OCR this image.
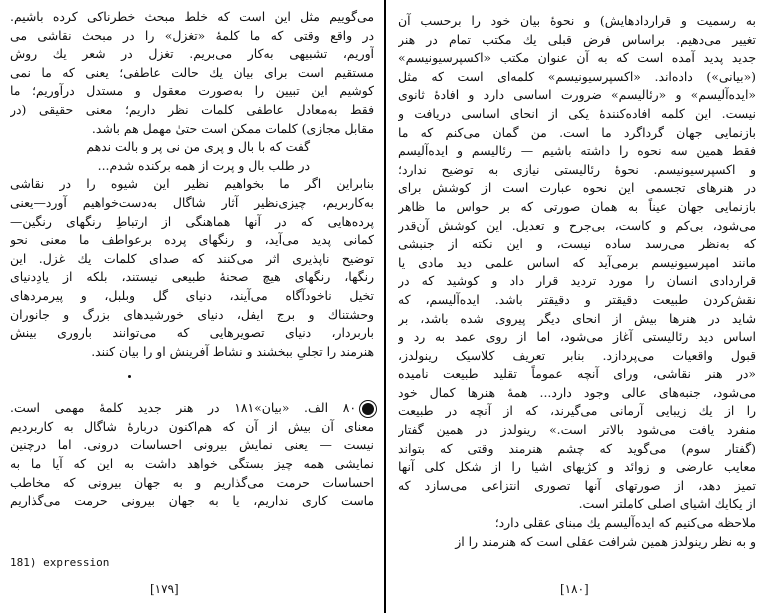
می‌گوییم مثل این است که خلط مبحث خطرناکی کرده باشیم.
در واقع وقتی که ما کلمهٔ «تغزل» را در مبحث نقاشی می‌
آوریم، تشبیهی به‌کار می‌بریم. تغزل در شعر یك روش
مستقیم است برای بیان یك حالت عاطفی؛ یعنی که ما نمی‌
کوشیم این تبیین را به‌صورت معقول و مستدل درآوریم؛ ما
فقط به‌معادل عاطفی کلمات نظر داریم؛ معنی حقیقی (در
مقابل مجازی) کلمات ممکن است حتیٰ مهمل هم باشد.
گفت که با بال و پری من نی پر و بالت ندهم
در طلب بال و پرت از همه برکنده شدم...
بنابراین اگر ما بخواهیم نظیر این شیوه را در نقاشی
به‌کاربریم، چیزی‌نظیر آثار شاگال به‌دست‌خواهیم آورد—یعنی
پرده‌هایی که در آنها هماهنگی از ارتباطِ رنگهای رنگین—
کمانی پدید می‌آید، و رنگهای پرده برعواطف ما معنی نحو
توضیح ناپذیری اثر می‌کنند که صدای کلمات یك غزل. این
رنگها، رنگهای هیچ صحنهٔ طبیعی نیستند، بلکه از یادِدنیای
تخیل ناخودآگاه می‌آیند، دنیای گل وبلبل، و پیرمردهای
وحشتناك و برج ایفل، دنیای خورشیدهای بزرگ و جانوران
باربردار، دنیای تصویرهایی که می‌توانند باروری بینش
هنرمند را تجلیِ ببخشند و نشاط آفرینش او را بیان کنند.
۸۰ الف. «بیان»۱۸۱ در هنر جدید کلمهٔ مهمی است.
معنای آن بیش از آن که هم‌اکنون دربارهٔ شاگال به کاربردیم
نیست — یعنی نمایش بیرونی احساسات درونی. اما درچنین
نمایشی همه چیز بستگی خواهد داشت به این که آیا ما به
احساسات حرمت می‌گذاریم و به جهان بیرونی که مخاطب
ماست کاری نداریم، یا به جهان بیرونی حرمت می‌گذاریم
181) expression
به رسمیت و قراردادهایش) و نحوهٔ بیان خود را برحسب آن
تغییر می‌دهیم. براساس فرض قبلی یك مکتب تمام در هنر
جدید پدید آمده است که به آن عنوان مکتب «اکسپرسیونیسم»
(«بیانی») داده‌اند. «اکسپرسیونیسم» کلمه‌ای است که مثل
«ایده‌آلیسم» و «رئالیسم» ضرورت اساسی دارد و افادهٔ ثانوی
نیست. این کلمه افاده‌کنندهٔ یکی از انحای اساسی دریافت و
بازنمایی جهان گرداگرد ما است. من گمان می‌کنم که ما
فقط همین سه نحوه را داشته باشیم — رئالیسم و ایده‌آلیسم
و اکسپرسیونیسم. نحوهٔ رئالیستی نیازی به توضیح ندارد؛
در هنرهای تجسمی این نحوه عبارت است از کوشش برای
بازنمایی جهان عیناً به همان صورتی که بر حواس ما ظاهر
می‌شود، بی‌کم و کاست، بی‌جرح و تعدیل. این کوشش آن‌قدر
که به‌نظر می‌رسد ساده نیست، و این نکته از جنبشی
مانند امپرسیونیسم برمی‌آید که اساس علمی دید مادی یا
قراردادی انسان را مورد تردید قرار داد و کوشید که در
نقش‌کردن طبیعت دقیقتر و دقیقتر باشد. ایده‌آلیسم، که
شاید در هنرها بیش از انحای دیگر پیروی شده باشد، بر
اساس دید رئالیستی آغاز می‌شود، اما از روی عمد به رد و
قبول واقعیات می‌پردازد. بنابر تعریف کلاسیک رینولدز،
«در هنر نقاشی، ورای آنچه عموماً تقلید طبیعت نامیده
می‌شود، جنبه‌های عالی وجود دارد... همهٔ هنرها کمال خود
را از یك زیبایی آرمانی می‌گیرند، که از آنچه در طبیعت
منفرد یافت می‌شود بالاتر است.» رینولدز در همین گفتار
(گفتار سوم) می‌گوید که چشم هنرمند وقتی که بتواند
معایب عارضی و زوائد و کژیهای اشیا را از شکل کلی آنها
تمیز دهد، از صورتهای آنها تصوری انتزاعی می‌سازد که
از یکایك اشیای اصلی کاملتر است.
ملاحظه می‌کنیم که ایده‌آلیسم یك مبنای عقلی دارد؛
و به نظر رینولدز همین شرافت عقلی است که هنرمند را از
[۱۷۹]	[۱۸۰]
